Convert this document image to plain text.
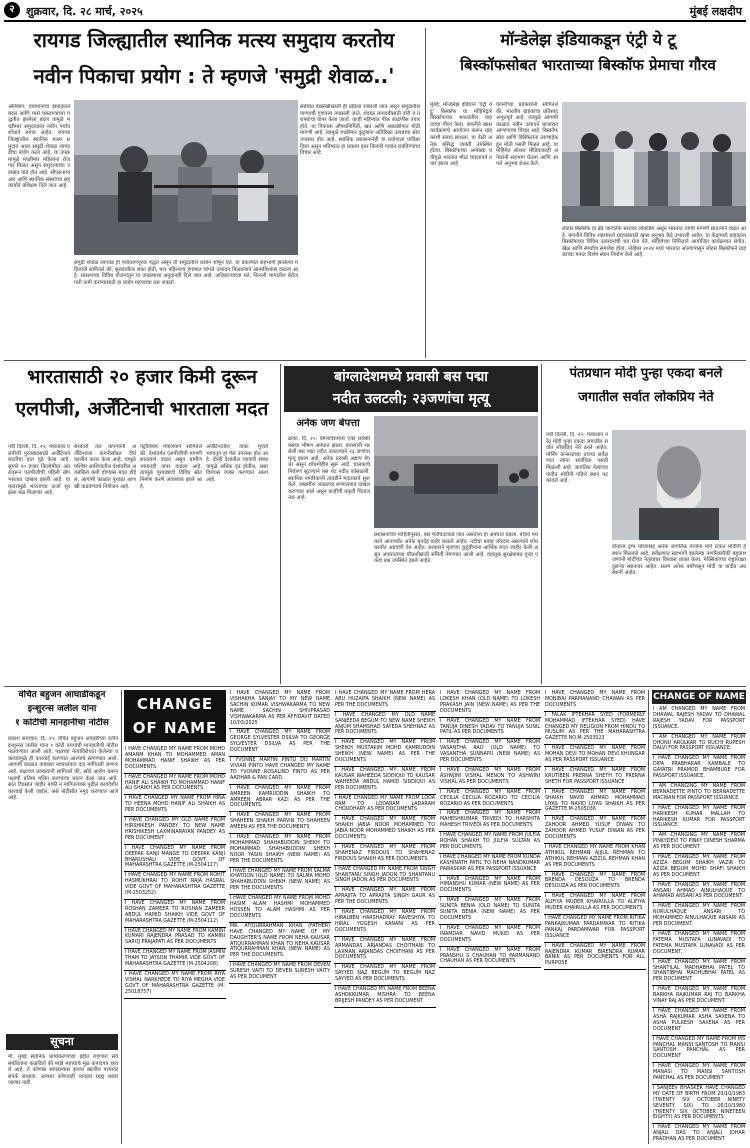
२	शुक्रवार, दि. २८ मार्च, २०२५	मुंबई लक्षदीप
रायगड जिल्ह्यातील स्थानिक मत्स्य समुदाय करतोय
नवीन पिकाचा प्रयोग : ते म्हणजे 'समुद्री शेवाळ..'
अलिबाग: हवामानाचा झपाट्याने बदल आणि मासे पकडण्याच्या पद्धतीत झालेला बदल यामुळे मच्छीमार समुदायाला नवीन पर्याय शोधावे लागत आहेत. रायगड जिल्ह्यातील स्थानिक मत्स्य समुदाय आता समुद्री शेवाळ लागवडीचा प्रयोग करत आहे. या उपक्रमामुळे मच्छीमार महिलांना रोजगार मिळत असून समुदायाच्या उत्पन्नात वाढ होत आहे. सीएसआयआर आणि स्थानिक संस्थांच्या सहकार्याने प्रशिक्षण दिले जात आहे.
संबंधित देखरेखीखाली ही प्रक्रिया राबवली जात असून समुद्रातील पाण्याची गुणवत्ता तपासली जाते. शेवाळ लागवडीसाठी दोरी व तराफ्यांचा वापर केला जातो. काही महिन्यांत पीक काढणीस तयार होते. या पिकाला औषधनिर्मिती, खत आणि अन्नउद्योगात मोठी मागणी आहे. त्यामुळे मच्छीमार कुटुंबांना अतिरिक्त उत्पन्नाचा स्रोत उपलब्ध होत आहे. स्थानिक प्रशासनानेही या प्रयोगाला पाठिंबा दिला असून भविष्यात हा प्रकल्प इतर किनारी गावांत राबविण्याचा विचार आहे.
समुद्री शेवाळ लागवड ही पर्यावरणपूरक पद्धत असून ती समुद्रातील कार्बन शोषून घेते. या प्रकल्पात सहभागी झालेल्या महिलांनी सांगितले की, सुरुवातीला शंका होती, मात्र पहिल्याच हंगामात चांगले उत्पादन मिळाल्याने आत्मविश्वास वाढला आहे. शासनाच्या विविध योजनांतून या उपक्रमाला अनुदानही दिले जात आहे. अधिकाऱ्यांच्या मते, किनारी भागातील बेरोजगारी कमी करण्यासाठी हा प्रयोग महत्त्वाचा ठरू शकतो.
मॉन्डेलेझ इंडियाकडून एंट्री ये टू
बिस्कॉफसोबत भारताच्या बिस्कॉफ प्रेमाचा गौरव
मुंबई: मॉन्डेलेझ इंडियाने 'एंट्री ये टू' बिस्कॉफ या मोहिमेद्वारे बिस्कॉफच्या भारतातील चाहत्यांचा गौरव केला. कंपनीने खास कार्यक्रमाचे आयोजन करून ग्राहकांशी संवाद साधला. या वेळी अनेक प्रसिद्ध व्यक्ती उपस्थित होत्या. बिस्कॉफच्या अनोख्या चवीमुळे भारतात मोठा चाहतावर्ग तयार झाला आहे.
कंपनीच्या प्रवक्त्यांनी सांगितले की, भारतीय ग्राहकांचा प्रतिसाद अभूतपूर्व आहे. त्यामुळे आगामी काळात नवीन उत्पादने बाजारात आणण्याचा विचार आहे. बिस्कॉफ स्प्रेड आणि बिस्किटांना तरुणाईकडून मोठी पसंती मिळत आहे. या मोहिमेत सोशल मीडियावरही अनेकांनी सहभाग घेतला आणि आपले अनुभव शेअर केले.
लोटस बिस्कॉफ हा ब्रँड जागतिक स्तरावर लोकप्रिय असून भारतात त्याची मागणी सातत्याने वाढत आहे. कंपनीने विविध शहरांमध्ये ग्राहकांसाठी खास अनुभव केंद्रे उभारली आहेत. या केंद्रांमध्ये ग्राहकांना बिस्कॉफच्या विविध उत्पादनांची चव घेता येते. मोहिमेच्या निमित्ताने आयोजित कार्यक्रमात संगीत, खेळ आणि स्पर्धांचा समावेश होता. नोव्हेंबर २०२४ मध्ये भारतात आल्यापासून लोटस बिस्कॉफने ग्राहकांच्या मनात विशेष स्थान निर्माण केले आहे.
भारतासाठी २० हजार किमी दूरून
एलपीजी, अर्जेंटिनाची भारताला मदत
नवी दिल्ली, दि. २५: भारताला एलपीजी पुरवठ्यासाठी अर्जेंटिनाने मदतीचा हात पुढे केला आहे. सुमारे २० हजार किलोमीटर अंतरावरून एलपीजीची पहिली खेप भारतात दाखल झाली आहे. या करारामुळे भारताच्या ऊर्जा सुरक्षेला बळ मिळणार आहे.
सरकारी तेल कंपन्यांनी अर्जेंटिनाच्या कंपनीसोबत दीर्घकालीन करार केला आहे. यामुळे पश्चिम आशियातील देशांवरील अवलंबित्व कमी होण्यास मदत होईल. आगामी काळात पुरवठा आणखी वाढवण्याचे नियोजन आहे.
पेट्रोलियम मंत्रालयाने सांगितले की, देशांतर्गत एलपीजीची मागणी सातत्याने वाढत असून ग्रामीण भागातही वापर वाढला आहे. त्यामुळे पुरवठ्याचे विविध स्रोत निर्माण करणे आवश्यक झाले आहे.
अर्जेंटिनातील वाका मुएर्ता भागातून हा गॅस उपलब्ध होत आहे. दोन्ही देशांतील व्यापारी संबंध यामुळे अधिक दृढ होतील, असा विश्वास व्यक्त करण्यात आला आहे.
बांग्लादेशमध्ये प्रवासी बस पद्मा
नदीत उलटली; २३जणांचा मृत्यू
अनेक जण बेपत्ता
ढाका, दि. २५: बांग्लादेशमध्ये एका प्रवासी बसचा भीषण अपघात झाला. प्रवाशांनी भरलेली बस पद्मा नदीत उलटल्याने २३ जणांचा मृत्यू झाला आहे. अनेक प्रवासी अद्याप बेपत्ता असून शोधमोहीम सुरू आहे. चालकाचे नियंत्रण सुटल्याने बस थेट नदीत कोसळली. स्थानिक नागरिकांनी तातडीने मदतकार्य सुरू केले. जखमींना जवळच्या रुग्णालयात दाखल करण्यात आले असून काहींची प्रकृती चिंताजनक आहे.
प्रशासनाच्या माहितीनुसार, बस फेरीघाटाकडे जात असताना हा अपघात घडला. बचाव पथकाने आतापर्यंत अनेक मृतदेह बाहेर काढले आहेत. नदीचा प्रवाह जोरदार असल्याने शोधकार्यात अडचणी येत आहेत. सरकारने मृतांच्या कुटुंबीयांना आर्थिक मदत जाहीर केली असून अपघाताच्या चौकशीसाठी समिती नेमण्यात आली आहे. वाहतूक सुरक्षेबाबत पुन्हा एकदा प्रश्न उपस्थित झाले आहेत.
पंतप्रधान मोदी पुन्हा एकदा बनले
जगातील सर्वात लोकप्रिय नेते
नवी दिल्ली, दि. २५: पंतप्रधान नरेंद्र मोदी पुन्हा एकदा जगातील सर्वात लोकप्रिय नेते ठरले आहेत. मॉर्निंग कन्सल्टच्या ताज्या सर्वेक्षणात त्यांना सर्वाधिक पसंती मिळाली आहे. जागतिक नेत्यांच्या यादीत मोदींनी पहिले स्थान पटकावले आहे.
डोनाल्ड ट्रम्प यांच्यासह अनेक जागतिक नेत्यांना मागे टाकत मोदींनी हे स्थान मिळवले आहे. सर्वेक्षणात सहभागी झालेल्या नागरिकांपैकी बहुतांश जणांनी मोदींच्या नेतृत्वावर विश्वास व्यक्त केला. मेक्सिकोच्या राष्ट्राध्यक्षा दुसऱ्या स्थानावर आहेत. सलग अनेक वर्षांपासून मोदी या यादीत अग्रस्थानी आहेत.
वंचित बहुजन आघाडीकडून
इन्शुरन्स जलील यांना
१ कोटीची मानहानीचा नोटीस
प्रकाश समाचार, दि. २५: वंचित बहुजन आघाडीच्या वतीने इन्शुरन्स जलील यांना १ कोटी रुपयांची मानहानीची नोटीस पाठवण्यात आली आहे. पक्षाच्या नेत्यांविरोधात केलेल्या वक्तव्यांमुळे ही कारवाई करण्यात आल्याचे सांगण्यात आले. आगामी काळात याबाबत न्यायालयात दाद मागितली जाणार आहे. पक्षाच्या प्रवक्त्यांनी सांगितले की, खोटे आरोप करून पक्षाची प्रतिमा मलिन करण्याचा प्रयत्न केला जात आहे. सात दिवसांत जाहीर माफी न मागितल्यास पुढील कायदेशीर कारवाई केली जाईल, असे नोटीसीत नमूद करण्यात आले आहे.
सूचना
मी, मुंबई स्थानिक प्राधिकरणाच्या हद्दीत राहणारा सर्व संबंधितांना कळवितो की माझे महत्त्वाचे मूळ कागदपत्र हरवले आहे. ते कोणास सापडल्यास कृपया खालील पत्त्यावर संपर्क साधावा. अन्यथा कोणताही व्यवहार ग्राह्य धरला जाणार नाही.
CHANGE OF NAME
I HAVE CHANGED MY NAME FROM MOHD AMANM KHAN TO MOHAMMED AMAN MOHAMMAD HANIF SHAIKH AS PER DOCUMENTS.
I HAVE CHANGED MY NAME FROM MOHD HANIF ALI SHAIKH TO MOHAMMAD HANIF ALI SHAIKH AS PER DOCUMENTS
I HAVE CHANGED MY NAME FROM HINA TO HEENA MOHD HANIF ALI SHAIKH AS PER DOCUMENTS
I HAVE CHANGED MY OLD NAME FROM HIRSHIKESH PANDEY TO NEW NAME HRISHIKESH LAXMINARAYAN PANDEY AS PER DOCUMENT
I HAVE CHANGED MY NAME FROM DEEPAK KANJI MANGE TO DEEPAK KANJI BHANUSHALI VIDE GOVT OF MAHARASHTRA GAZETTE (M-2504117)
I HAVE CHANGED MY NAME FROM ROHIT HASMUKHRAI TO ROHIT RAJA HASRAL VIDE GOVT OF MAHARASHTRA GAZETTE (M-2503252)
I HAVE CHANGED MY NAME FROM ROSHAN ZAMEER TO ROSHAN ZAMEER ABDUL HAMID SHAIKH VIDE GOVT OF MAHARASHTRA GAZETTE (M-2504112)
I HAVE CHANGED MY NAME FROM KAMINI KUMARI RAJENDRA PRASAD TO KAMINI SAROJ PRAJAPATI AS PER DOCUMENTS
I HAVE CHANGED MY NAME FROM JASMIN THAM TO JAYSON THAMIR VIDE GOVT OF MAHARASHTRA GAZETTE (M-2504208)
I HAVE CHANGED MY NAME FROM RIYA VISHAL NARKHEDE TO RIYA MEGHA VIDE GOVT OF MAHARASHTRA GAZETTE (M-25018757)
I HAVE CHANGED MY NAME FROM VISHAKHA SANJAY TO MY NEW NAME SACHIN KUMAR VISHWAKARMA TO NEW NAME SACHIN SHIVPRASAD VISHWAKARMA AS PER AFFIDAVIT DATED 10/03/2025
I HAVE CHANGED MY NAME FROM GEORGE SYLVESTER DSILVA TO GEORGE SYLVESTER DSILVA AS PER THE DOCUMENT
I YVONNE MARTIN PINTO DO MARTIN VIVIAN PINTO HAVE CHANGED MY NAME TO YVONNE ROSALIND PINTO AS PER AADHAR & PAN CARD.
I HAVE CHANGED MY NAME FROM AMREEN KAMRUDDIN SHAIKH TO AMREEN ABRAR KAZI AS PER THE DOCUMENTS
I HAVE CHANGED MY NAME FROM SHAHEEN SHAIKH PARVIN TO SHAHEEN AMEEN AS PER THE DOCUMENTS
I HAVE CHANGED MY NAME FROM MOHAMMAD SHAHABUDDIN SHEKH TO MOHAMMAD SHAHABUDDIN SHEKH NOOR YASIN SHAIKH (NEW NAME) AS PER THE DOCUMENTS
I HAVE CHANGED MY NAME FROM SALMA KHATOON (OLD NAME) TO SALMA MOHD SHAHABUDDIN SHEKH (NEW NAME) AS PER THE DOCUMENTS
I HAVE CHANGED MY NAME FROM MOHD HASIM ALAM HASHMI MOHAMMED HOSSEN TO ALAM HASHMI AS PER DOCUMENTS
MR. ATIQURRAHMAN KHAN (FATHER) HAVE CHANGED MY NAME OF MY DAUGHTER'S NAME FROM NEHA KAUSAR ATIQURRAHMAN KHAN TO NEHA KAUSAR ATIQURRAHMAN KHAN (NEW NAME) AS PER THE DOCUMENTS
I HAVE CHANGED MY NAME FROM DEVEN SURESH VAITI TO DEVEN SURESH VAITY AS PER DOCUMENT
I HAVE CHANGED MY NAME FROM HERA ABU HUZAIFA SHAIKH (NEW NAME) AS PER THE DOCUMENTS
I HAVE CHANGED MY OLD NAME SANJEEDA BEGUM TO NEW NAME SHEIKH ANJUM SHAMSHAD SAYEDA SHEHNAZ AS PER DOCUMENTS
I HAVE CHANGED MY NAME FROM SHEIKH MUSTAKIM MOHD KAMRUDDIN SHEIKH (NEW NAME) AS PER THE DOCUMENTS
I HAVE CHANGED MY NAME FROM KAUSAR WAHEEDA SIDDIQUI TO KAUSAR WAHEEDA ABDUL HAMID SIDDIQUI AS PER DOCUMENTS
I HAVE CHANGED MY NAME FROM LODA RAM TO LODARAM LADARAM CHOUDHARY AS PER DOCUMENTS
I HAVE CHANGED MY NAME FROM SHAIKH JABIA NOOR MOHAMMED TO JABIA NOOR MOHAMMED SHAIKH AS PER DOCUMENTS
I HAVE CHANGED MY NAME FROM SHAHENAZ FIRDOUS TO SHAHENAZ FIRDOUS SHAIKH AS PER DOCUMENTS
I HAVE CHANGED MY NAME FROM SINGH SHANTANU SINGH JADON TO SHANTANU SINGH JADON AS PER DOCUMENTS
I HAVE CHANGED MY NAME FROM APRAJITA TO APRAJITA SINGH GAUR AS PER THE DOCUMENTS
I HAVE CHANGED MY NAME FROM HIRALBEN HARSHADRAY RAVESHIYA TO HIRAL YOGESH KANANI AS PER DOCUMENTS
I HAVE CHANGED MY NAME FROM ARMANDAS ARJANDAS CHOITHANI TO LAXMAN ARJANDAS CHOITHANI AS PER DOCUMENTS
I HAVE CHANGED MY NAME FROM SAYYED NAZ BEGUM TO BEGUM NAZ SAYYED AS PER DOCUMENTS
I HAVE CHANGED MY NAME FROM BEENA ASHOKKUMAR MISHRA TO BEENA BRIJESH PANDEY AS PER DOCUMENT
I HAVE CHANGED MY NAME FROM LOKESH KHAN (OLD NAME) TO LOKESH PRAKASH JAIN (NEW NAME) AS PER THE DOCUMENTS
I HAVE CHANGED MY NAME FROM TANUJA DINESH YADAV TO TANUJA SUNIL PATIL AS PER DOCUMENTS
I HAVE CHANGED MY NAME FROM VASANTHA RAO (OLD NAME) TO VASANTHA SUNNAPU (NEW NAME) AS PER DOCUMENTS
I HAVE CHANGED MY NAME FROM ASHWINI VISHAL MENON TO ASHWINI VISHAL AS PER DOCUMENTS
I HAVE CHANGED MY NAME FROM CECILIA CECILIA ROZARIO TO CECILIA ROZARIO AS PER DOCUMENTS
I HAVE CHANGED MY NAME FROM MAHESHKUMAR TRIVEDI TO HARSHITA MAHESH TRIVEDI AS PER DOCUMENTS
I HAVE CHANGED MY NAME FROM JULFIA ROHAN SHAIKH TO JULFIA SULTAN AS PER DOCUMENTS
I HAVE CHANGED MY NAME FROM KUNDA KASHINATH PATIL TO NEHA NANDKUMAR PAWASKAR AS PER PASSPORT ISSUANCE
I HAVE CHANGED MY NAME FROM HIMANSHU KUMAR (NEW NAME) AS PER DOCUMENTS
I HAVE CHANGED MY NAME FROM SUNITA BENIA (OLD NAME) TO SUNITA SUNITA BENIA (NEW NAME) AS PER DOCUMENTS
I HAVE CHANGED MY NAME FROM INAMDAR NAVID MUKID AS PER DOCUMENTS
I HAVE CHANGED MY NAME FROM PRANSHU S CHAUHAN TO PARMANAND CHAUHAN AS PER DOCUMENTS
I HAVE CHANGED MY NAME FROM MONIBAI PARMANAND CHAWAN AS PER DOCUMENTS
I FALAK IFTEKHAR SYED (FORMERLY MOHAMMAD IFTEKHAR SYED) HAVE CHANGED MY RELIGION FROM HINDU TO MUSLIM AS PER THE MAHARASHTRA GAZETTE NO.M-2503023
I HAVE CHANGED MY NAME FROM MOHAN DEVI TO MOHAN DEVI KHUNGAR AS PER PASSPORT ISSUANCE
I HAVE CHANGED MY NAME FROM KRUTIBEN PRERNA SHETH TO PRERNA SHETH FOR PASSPORT ISSUANCE
I HAVE CHANGED MY NAME FROM SHAIKH NAVID AHMAD MOHAMMAD LIYAS TO NAVID LIYAS SHAIKH AS PER GAZETTE M-2505036
I HAVE CHANGED MY NAME FROM ZAHOOR AHMED YUSUF DIWAN TO ZAHOOR AHMED YUSUF DIWAN AS PER DOCUMENTS
I HAVE CHANGED MY NAME FROM KHAN ATHIKUL REHMAN AJIJUL REHMAN TO ATHIKUL REHMAN AZIZUL REHMAN KHAN AS PER DOCUMENTS
I HAVE CHANGED MY NAME FROM BRENDA DESOUZA TO BRENDA DESOUZA AS PER DOCUMENTS
I HAVE CHANGED MY NAME FROM ALIFIYA MUDER KHAIRULLA TO ALIFIYA MUDER KHAIRULLA AS PER DOCUMENTS
I HAVE CHANGED MY NAME FROM RITIKA PANKAJKUMAR PARDAMWAR TO RITIKA PANKAJ PARDAMWAR FOR PASSPORT ISSUANCE
I HAVE CHANGED MY NAME FROM RAJENDRA KUMAR BIRENDRA KUMAR BANIK AS PER DOCUMENTS FOR ALL PURPOSE
CHANGE OF NAME
I AM CHANGED MY NAME FROM DHAWAL RAJESH YADAV TO DHAWAL RAJESH YADAV FOR PASSPORT ISSUANCE.
I AM CHANGED MY NAME FROM DHONU AROLKAR TO RUCHI RUPESH DALVI FOR PASSPORT ISSUANCE.
I HAVE CHANGED MY NAME FROM DIPA PRABHAKAR KAMBALE TO GAYATRI PRAMOD BHAMBURE FOR PASSPORT ISSUANCE.
I AM CHANGING MY NAME FROM BERNADETTE PINTO TO BERNADETTE MACWAN FOR PASSPORT ISSUANCE.
I HAVE CHANGED MY NAME FROM HARIKESH KUMAR MALLAH TO HARIKESH KUMAR FOR PASSPORT ISSUANCE.
I AM CHANGING MY NAME FROM PINKYDEVI TO PINKY DINESH SHARMA AS PER DOCUMENT
I HAVE CHANGED MY NAME FROM AZIZA BEGUM SHAIKH VAZIR TO AZIZA BEGUM MOHD SHAFI SHAIKH AS PER DOCUMENT.
I HAVE CHANGED MY NAME FROM ANSARI AHMAD AINULHAQUE TO AHAMAD ANSARI AS PER DOCUMENT.
I HAVE CHANGED MY NAME FROM NURULHAQUE ANSARI TO MOHAMMED AINULHAQUE ANSARI AS PER DOCUMENT.
I HAVE CHANGED MY NAME FROM FATEMA MUSTAFA LUNAVADI TO FATEMA MUSTAFA LUNAVADI AS PER DOCUMENT.
I HAVE CHANGED MY NAME FROM SHANTILAL MADHABHAI PATEL TO SHANTIBHAI MADHUBHAI PATEL AS PER DOCUMENT.
I HAVE CHANGED MY NAME FROM BARKHA RAJKUMAR RAJ TO BARKHA VINAY RAJ AS PER DOCUMENT.
I HAVE CHANGED MY NAME FROM ASHA RAJKUMAR ASHA SAXENA TO ASHA PULKESH SAXENA AS PER DOCUMENT
I HAVE CHANGED MY NAME FROM MS PANCHAL MANSI SANTOSH TO MANSI SANTOSH PANCHAL AS PER DOCUMENT
I HAVE CHANGED MY NAME FROM MANASI TO MANSI SANTOSH PANCHAL AS PER DOCUMENT
I SANJEEV BHASKER HAVE CHANGED MY DATE OF BIRTH FROM 20/10/1983 (TWENTY SIX OCTOBER NINETY SEVENTY SIX) TO 26/10/1980 (TWENTY SIX OCTOBER NINETEEN EIGHTY) AS PER DOCUMENTS
I HAVE CHANGED MY NAME FROM ANJALI DAS TO ANJALI JOHAR PRADHAN AS PER DOCUMENT
